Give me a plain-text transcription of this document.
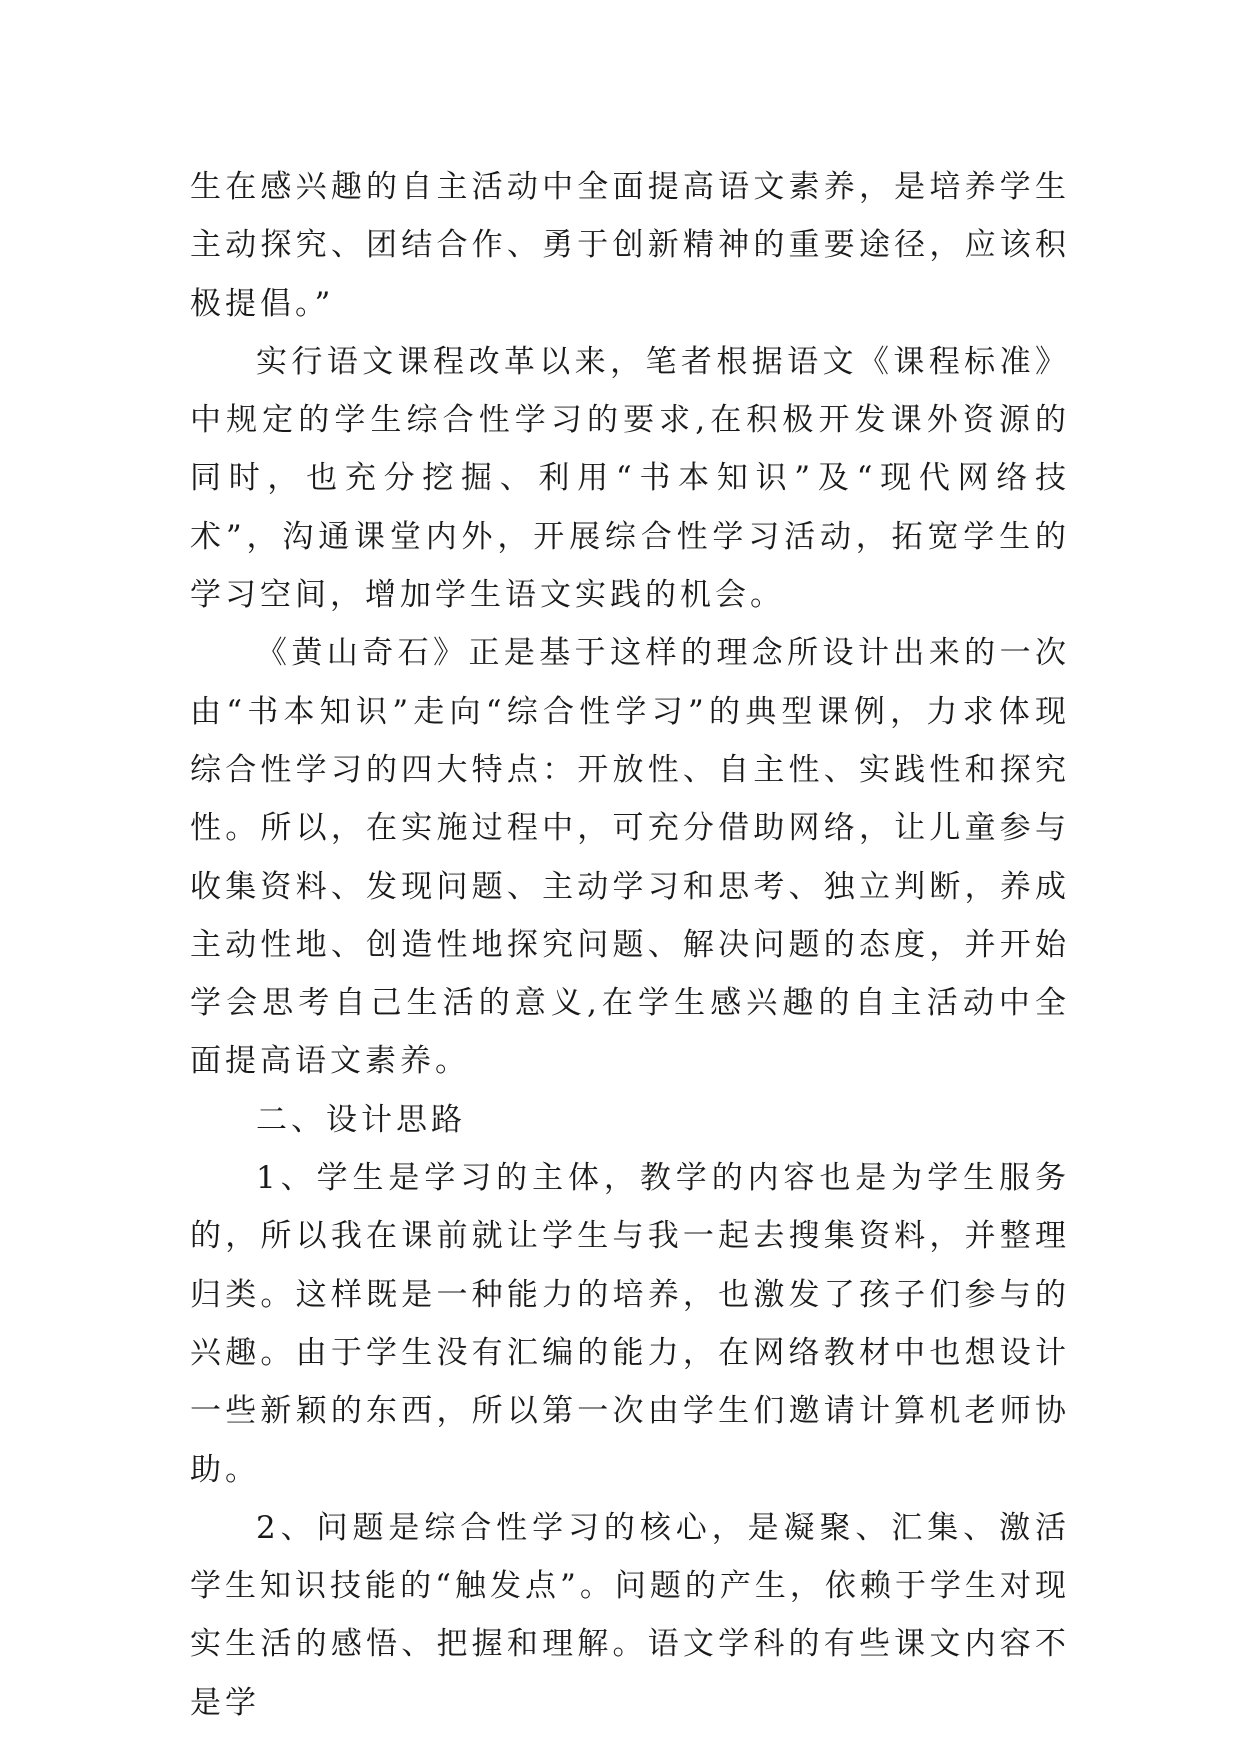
生在感兴趣的自主活动中全面提高语文素养，是培养学生主动探究、团结合作、勇于创新精神的重要途径，应该积极提倡。”

实行语文课程改革以来，笔者根据语文《课程标准》中规定的学生综合性学习的要求,在积极开发课外资源的同时，也充分挖掘、利用“书本知识”及“现代网络技术”，沟通课堂内外，开展综合性学习活动，拓宽学生的学习空间，增加学生语文实践的机会。

《黄山奇石》正是基于这样的理念所设计出来的一次由“书本知识”走向“综合性学习”的典型课例，力求体现综合性学习的四大特点：开放性、自主性、实践性和探究性。所以，在实施过程中，可充分借助网络，让儿童参与收集资料、发现问题、主动学习和思考、独立判断，养成主动性地、创造性地探究问题、解决问题的态度，并开始学会思考自己生活的意义,在学生感兴趣的自主活动中全面提高语文素养。

二、设计思路

1、学生是学习的主体，教学的内容也是为学生服务的，所以我在课前就让学生与我一起去搜集资料，并整理归类。这样既是一种能力的培养，也激发了孩子们参与的兴趣。由于学生没有汇编的能力，在网络教材中也想设计一些新颖的东西，所以第一次由学生们邀请计算机老师协助。

2、问题是综合性学习的核心，是凝聚、汇集、激活学生知识技能的“触发点”。问题的产生，依赖于学生对现实生活的感悟、把握和理解。语文学科的有些课文内容不是学
